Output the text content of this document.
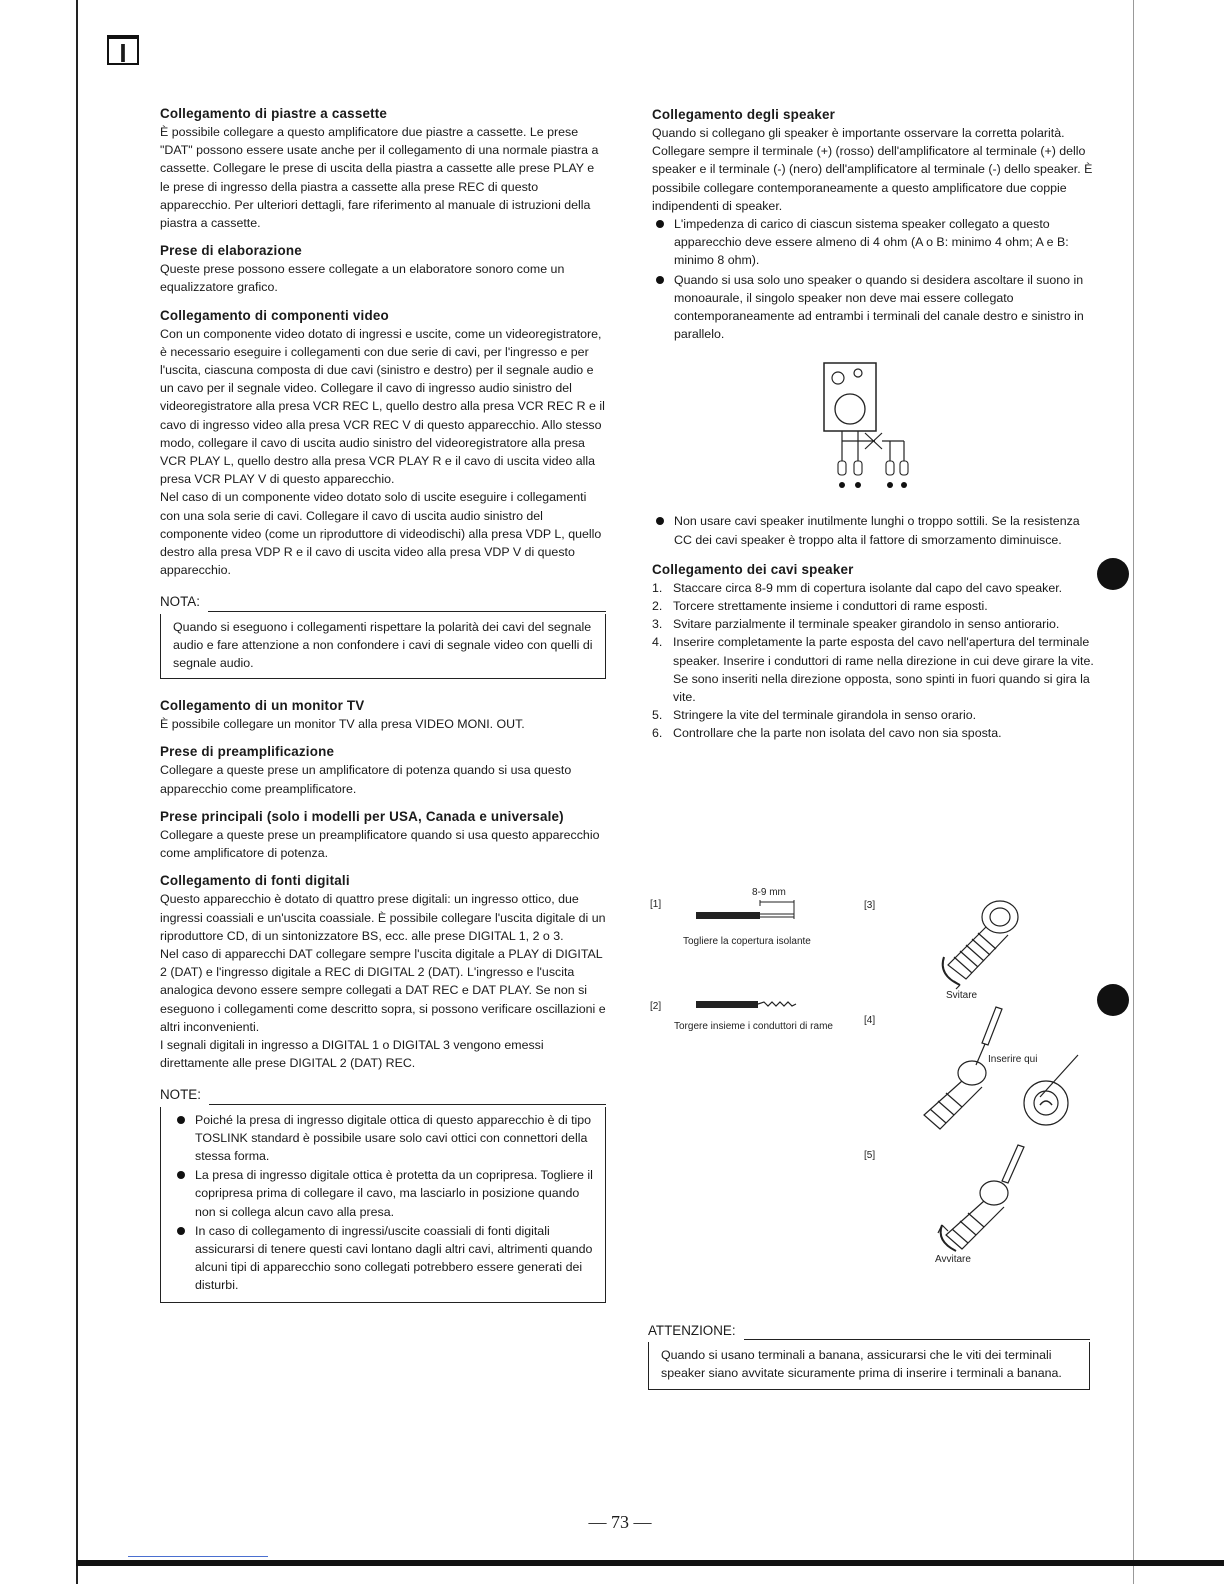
I
Collegamento di piastre a cassette

È possibile collegare a questo amplificatore due piastre a cassette. Le prese "DAT" possono essere usate anche per il collegamento di una normale piastra a cassette. Collegare le prese di uscita della piastra a cassette alle prese PLAY e le prese di ingresso della piastra a cassette alla prese REC di questo apparecchio. Per ulteriori dettagli, fare riferimento al manuale di istruzioni della piastra a cassette.

Prese di elaborazione

Queste prese possono essere collegate a un elaboratore sonoro come un equalizzatore grafico.

Collegamento di componenti video

Con un componente video dotato di ingressi e uscite, come un videoregistratore, è necessario eseguire i collegamenti con due serie di cavi, per l'ingresso e per l'uscita, ciascuna composta di due cavi (sinistro e destro) per il segnale audio e un cavo per il segnale video. Collegare il cavo di ingresso audio sinistro del videoregistratore alla presa VCR REC L, quello destro alla presa VCR REC R e il cavo di ingresso video alla presa VCR REC V di questo apparecchio. Allo stesso modo, collegare il cavo di uscita audio sinistro del videoregistratore alla presa VCR PLAY L, quello destro alla presa VCR PLAY R e il cavo di uscita video alla presa VCR PLAY V di questo apparecchio.

Nel caso di un componente video dotato solo di uscite eseguire i collegamenti con una sola serie di cavi. Collegare il cavo di uscita audio sinistro del componente video (come un riproduttore di videodischi) alla presa VDP L, quello destro alla presa VDP R e il cavo di uscita video alla presa VDP V di questo apparecchio.

NOTA:

Quando si eseguono i collegamenti rispettare la polarità dei cavi del segnale audio e fare attenzione a non confondere i cavi di segnale video con quelli di segnale audio.

Collegamento di un monitor TV

È possibile collegare un monitor TV alla presa VIDEO MONI. OUT.

Prese di preamplificazione

Collegare a queste prese un amplificatore di potenza quando si usa questo apparecchio come preamplificatore.

Prese principali (solo i modelli per USA, Canada e universale)

Collegare a queste prese un preamplificatore quando si usa questo apparecchio come amplificatore di potenza.

Collegamento di fonti digitali

Questo apparecchio è dotato di quattro prese digitali: un ingresso ottico, due ingressi coassiali e un'uscita coassiale. È possibile collegare l'uscita digitale di un riproduttore CD, di un sintonizzatore BS, ecc. alle prese DIGITAL 1, 2 o 3.

Nel caso di apparecchi DAT collegare sempre l'uscita digitale a PLAY di DIGITAL 2 (DAT) e l'ingresso digitale a REC di DIGITAL 2 (DAT). L'ingresso e l'uscita analogica devono essere sempre collegati a DAT REC e DAT PLAY. Se non si eseguono i collegamenti come descritto sopra, si possono verificare oscillazioni e altri inconvenienti.

I segnali digitali in ingresso a DIGITAL 1 o DIGITAL 3 vengono emessi direttamente alle prese DIGITAL 2 (DAT) REC.

NOTE:
Poiché la presa di ingresso digitale ottica di questo apparecchio è di tipo TOSLINK standard è possibile usare solo cavi ottici con connettori della stessa forma.
La presa di ingresso digitale ottica è protetta da un copripresa. Togliere il copripresa prima di collegare il cavo, ma lasciarlo in posizione quando non si collega alcun cavo alla presa.
In caso di collegamento di ingressi/uscite coassiali di fonti digitali assicurarsi di tenere questi cavi lontano dagli altri cavi, altrimenti quando alcuni tipi di apparecchio sono collegati potrebbero essere generati dei disturbi.
Collegamento degli speaker

Quando si collegano gli speaker è importante osservare la corretta polarità. Collegare sempre il terminale (+) (rosso) dell'amplificatore al terminale (+) dello speaker e il terminale (-) (nero) dell'amplificatore al terminale (-) dello speaker. È possibile collegare contemporaneamente a questo amplificatore due coppie indipendenti di speaker.

L'impedenza di carico di ciascun sistema speaker collegato a questo apparecchio deve essere almeno di 4 ohm (A o B: minimo 4 ohm; A e B: minimo 8 ohm).
Quando si usa solo uno speaker o quando si desidera ascoltare il suono in monoaurale, il singolo speaker non deve mai essere collegato contemporaneamente ad entrambi i terminali del canale destro e sinistro in parallelo.
Non usare cavi speaker inutilmente lunghi o troppo sottili. Se la resistenza CC dei cavi speaker è troppo alta il fattore di smorzamento diminuisce.
Collegamento dei cavi speaker
1. Staccare circa 8-9 mm di copertura isolante dal capo del cavo speaker.
2. Torcere strettamente insieme i conduttori di rame esposti.
3. Svitare parzialmente il terminale speaker girandolo in senso antiorario.
4. Inserire completamente la parte esposta del cavo nell'apertura del terminale speaker. Inserire i conduttori di rame nella direzione in cui deve girare la vite. Se sono inseriti nella direzione opposta, sono spinti in fuori quando si gira la vite.
5. Stringere la vite del terminale girandola in senso orario.
6. Controllare che la parte non isolata del cavo non sia sposta.
[1]
8-9 mm
Togliere la copertura isolante
[2]
Torgere insieme i conduttori di rame
[3]
Svitare
[4]
Inserire qui
[5]
Avvitare
ATTENZIONE:

Quando si usano terminali a banana, assicurarsi che le viti dei terminali speaker siano avvitate sicuramente prima di inserire i terminali a banana.

— 73 —
